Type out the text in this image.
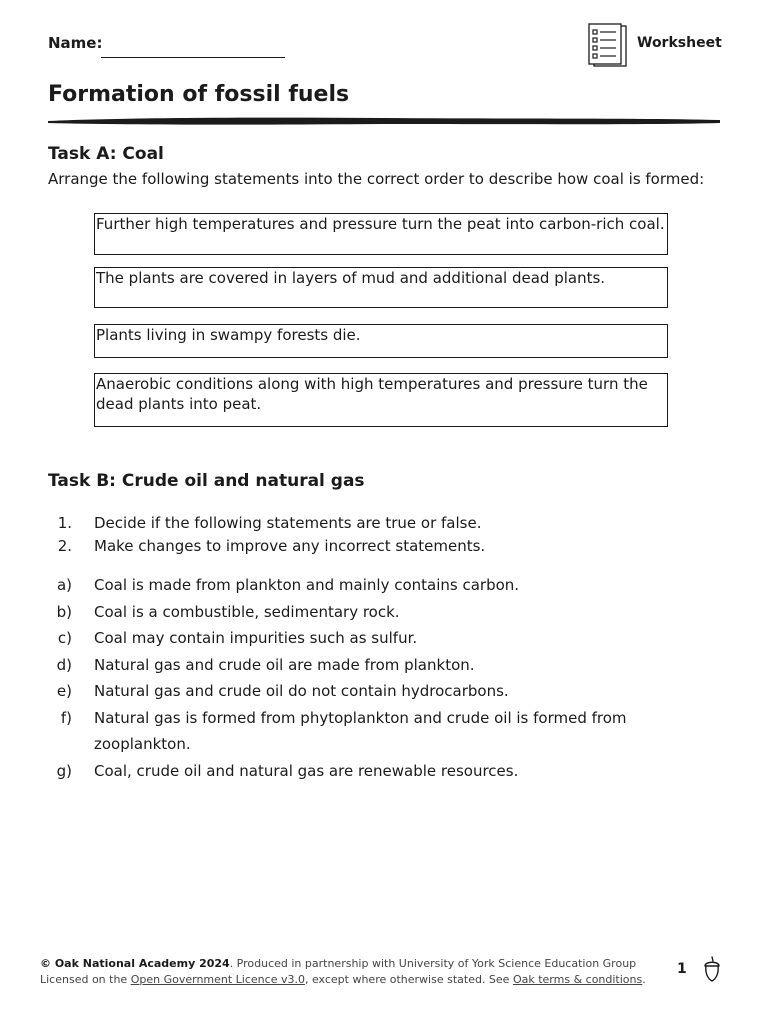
Name:	Worksheet
Formation of fossil fuels
Task A: Coal
Arrange the following statements into the correct order to describe how coal is formed:
Further high temperatures and pressure turn the peat into carbon-rich coal.
The plants are covered in layers of mud and additional dead plants.
Plants living in swampy forests die.
Anaerobic conditions along with high temperatures and pressure turn the dead plants into peat.
Task B: Crude oil and natural gas
1. Decide if the following statements are true or false.
2. Make changes to improve any incorrect statements.
a) Coal is made from plankton and mainly contains carbon.
b) Coal is a combustible, sedimentary rock.
c) Coal may contain impurities such as sulfur.
d) Natural gas and crude oil are made from plankton.
e) Natural gas and crude oil do not contain hydrocarbons.
f) Natural gas is formed from phytoplankton and crude oil is formed from zooplankton.
g) Coal, crude oil and natural gas are renewable resources.
© Oak National Academy 2024. Produced in partnership with University of York Science Education Group
Licensed on the Open Government Licence v3.0, except where otherwise stated. See Oak terms & conditions.
1
